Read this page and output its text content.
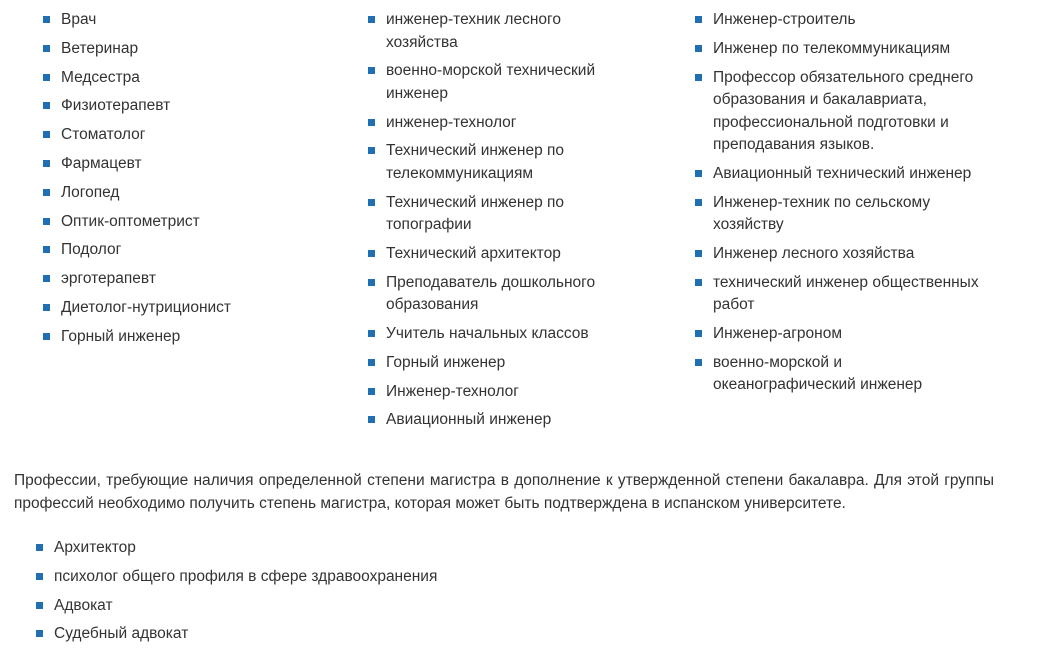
Врач
Ветеринар
Медсестра
Физиотерапевт
Стоматолог
Фармацевт
Логопед
Оптик-оптометрист
Подолог
эрготерапевт
Диетолог-нутриционист
Горный инженер
инженер-техник лесного хозяйства
военно-морской технический инженер
инженер-технолог
Технический инженер по телекоммуникациям
Технический инженер по топографии
Технический архитектор
Преподаватель дошкольного образования
Учитель начальных классов
Горный инженер
Инженер-технолог
Авиационный инженер
Инженер-строитель
Инженер по телекоммуникациям
Профессор обязательного среднего образования и бакалавриата, профессиональной подготовки и преподавания языков.
Авиационный технический инженер
Инженер-техник по сельскому хозяйству
Инженер лесного хозяйства
технический инженер общественных работ
Инженер-агроном
военно-морской и океанографический инженер

Профессии, требующие наличия определенной степени магистра в дополнение к утвержденной степени бакалавра. Для этой группы профессий необходимо получить степень магистра, которая может быть подтверждена в испанском университете.

Архитектор
психолог общего профиля в сфере здравоохранения
Адвокат
Судебный адвокат
